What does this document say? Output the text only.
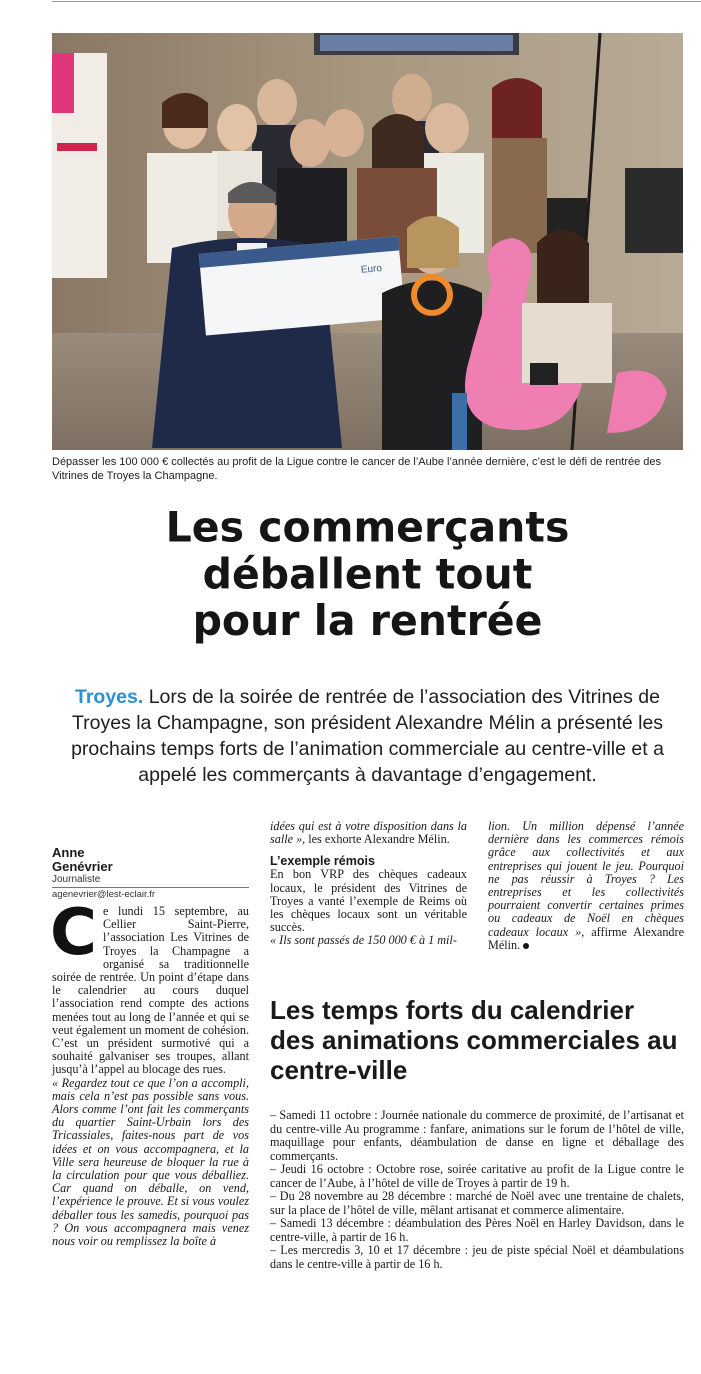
Euro
Dépasser les 100 000 € collectés au profit de la Ligue contre le cancer de l’Aube l’année dernière, c’est le défi de rentrée des Vitrines de Troyes la Champagne.
Les commerçants
déballent tout
pour la rentrée

Troyes. Lors de la soirée de rentrée de l’association des Vitrines de Troyes la Champagne, son président Alexandre Mélin a présenté les prochains temps forts de l’animation commerciale au centre-ville et a appelé les commerçants à davantage d’engagement.

Anne
Genévrier
Journaliste
agenevrier@lest-eclair.fr

Ce lundi 15 septembre, au Cellier Saint-Pierre, l’association Les Vitrines de Troyes la Champagne a organisé sa traditionnelle soirée de rentrée. Un point d’étape dans le calendrier au cours duquel l’association rend compte des actions menées tout au long de l’année et qui se veut également un moment de cohésion. C’est un président surmotivé qui a souhaité galvaniser ses troupes, allant jusqu’à l’appel au blocage des rues.

« Regardez tout ce que l’on a accompli, mais cela n’est pas possible sans vous. Alors comme l’ont fait les commerçants du quartier Saint-Urbain lors des Tricassiales, faites-nous part de vos idées et on vous accompagnera, et la Ville sera heureuse de bloquer la rue à la circulation pour que vous déballiez. Car quand on déballe, on vend, l’expérience le prouve. Et si vous voulez déballer tous les samedis, pourquoi pas ? On vous accompagnera mais venez nous voir ou remplissez la boîte à

idées qui est à votre disposition dans la salle », les exhorte Alexandre Mélin.

L’exemple rémois

En bon VRP des chèques cadeaux locaux, le président des Vitrines de Troyes a vanté l’exemple de Reims où les chèques locaux sont un véritable succès.

« Ils sont passés de 150 000 € à 1 mil-

lion. Un million dépensé l’année dernière dans les commerces rémois grâce aux collectivités et aux entreprises qui jouent le jeu. Pourquoi ne pas réussir à Troyes ? Les entreprises et les collectivités pourraient convertir certaines primes ou cadeaux de Noël en chèques cadeaux locaux », affirme Alexandre Mélin.

Les temps forts du calendrier des animations commerciales au centre-ville
– Samedi 11 octobre : Journée nationale du commerce de proximité, de l’artisanat et du centre-ville Au programme : fanfare, animations sur le forum de l’hôtel de ville, maquillage pour enfants, déambulation de danse en ligne et déballage des commerçants.
– Jeudi 16 octobre : Octobre rose, soirée caritative au profit de la Ligue contre le cancer de l’Aube, à l’hôtel de ville de Troyes à partir de 19 h.
– Du 28 novembre au 28 décembre : marché de Noël avec une trentaine de chalets, sur la place de l’hôtel de ville, mêlant artisanat et commerce alimentaire.
– Samedi 13 décembre : déambulation des Pères Noël en Harley Davidson, dans le centre-ville, à partir de 16 h.
– Les mercredis 3, 10 et 17 décembre : jeu de piste spécial Noël et déambulations dans le centre-ville à partir de 16 h.
